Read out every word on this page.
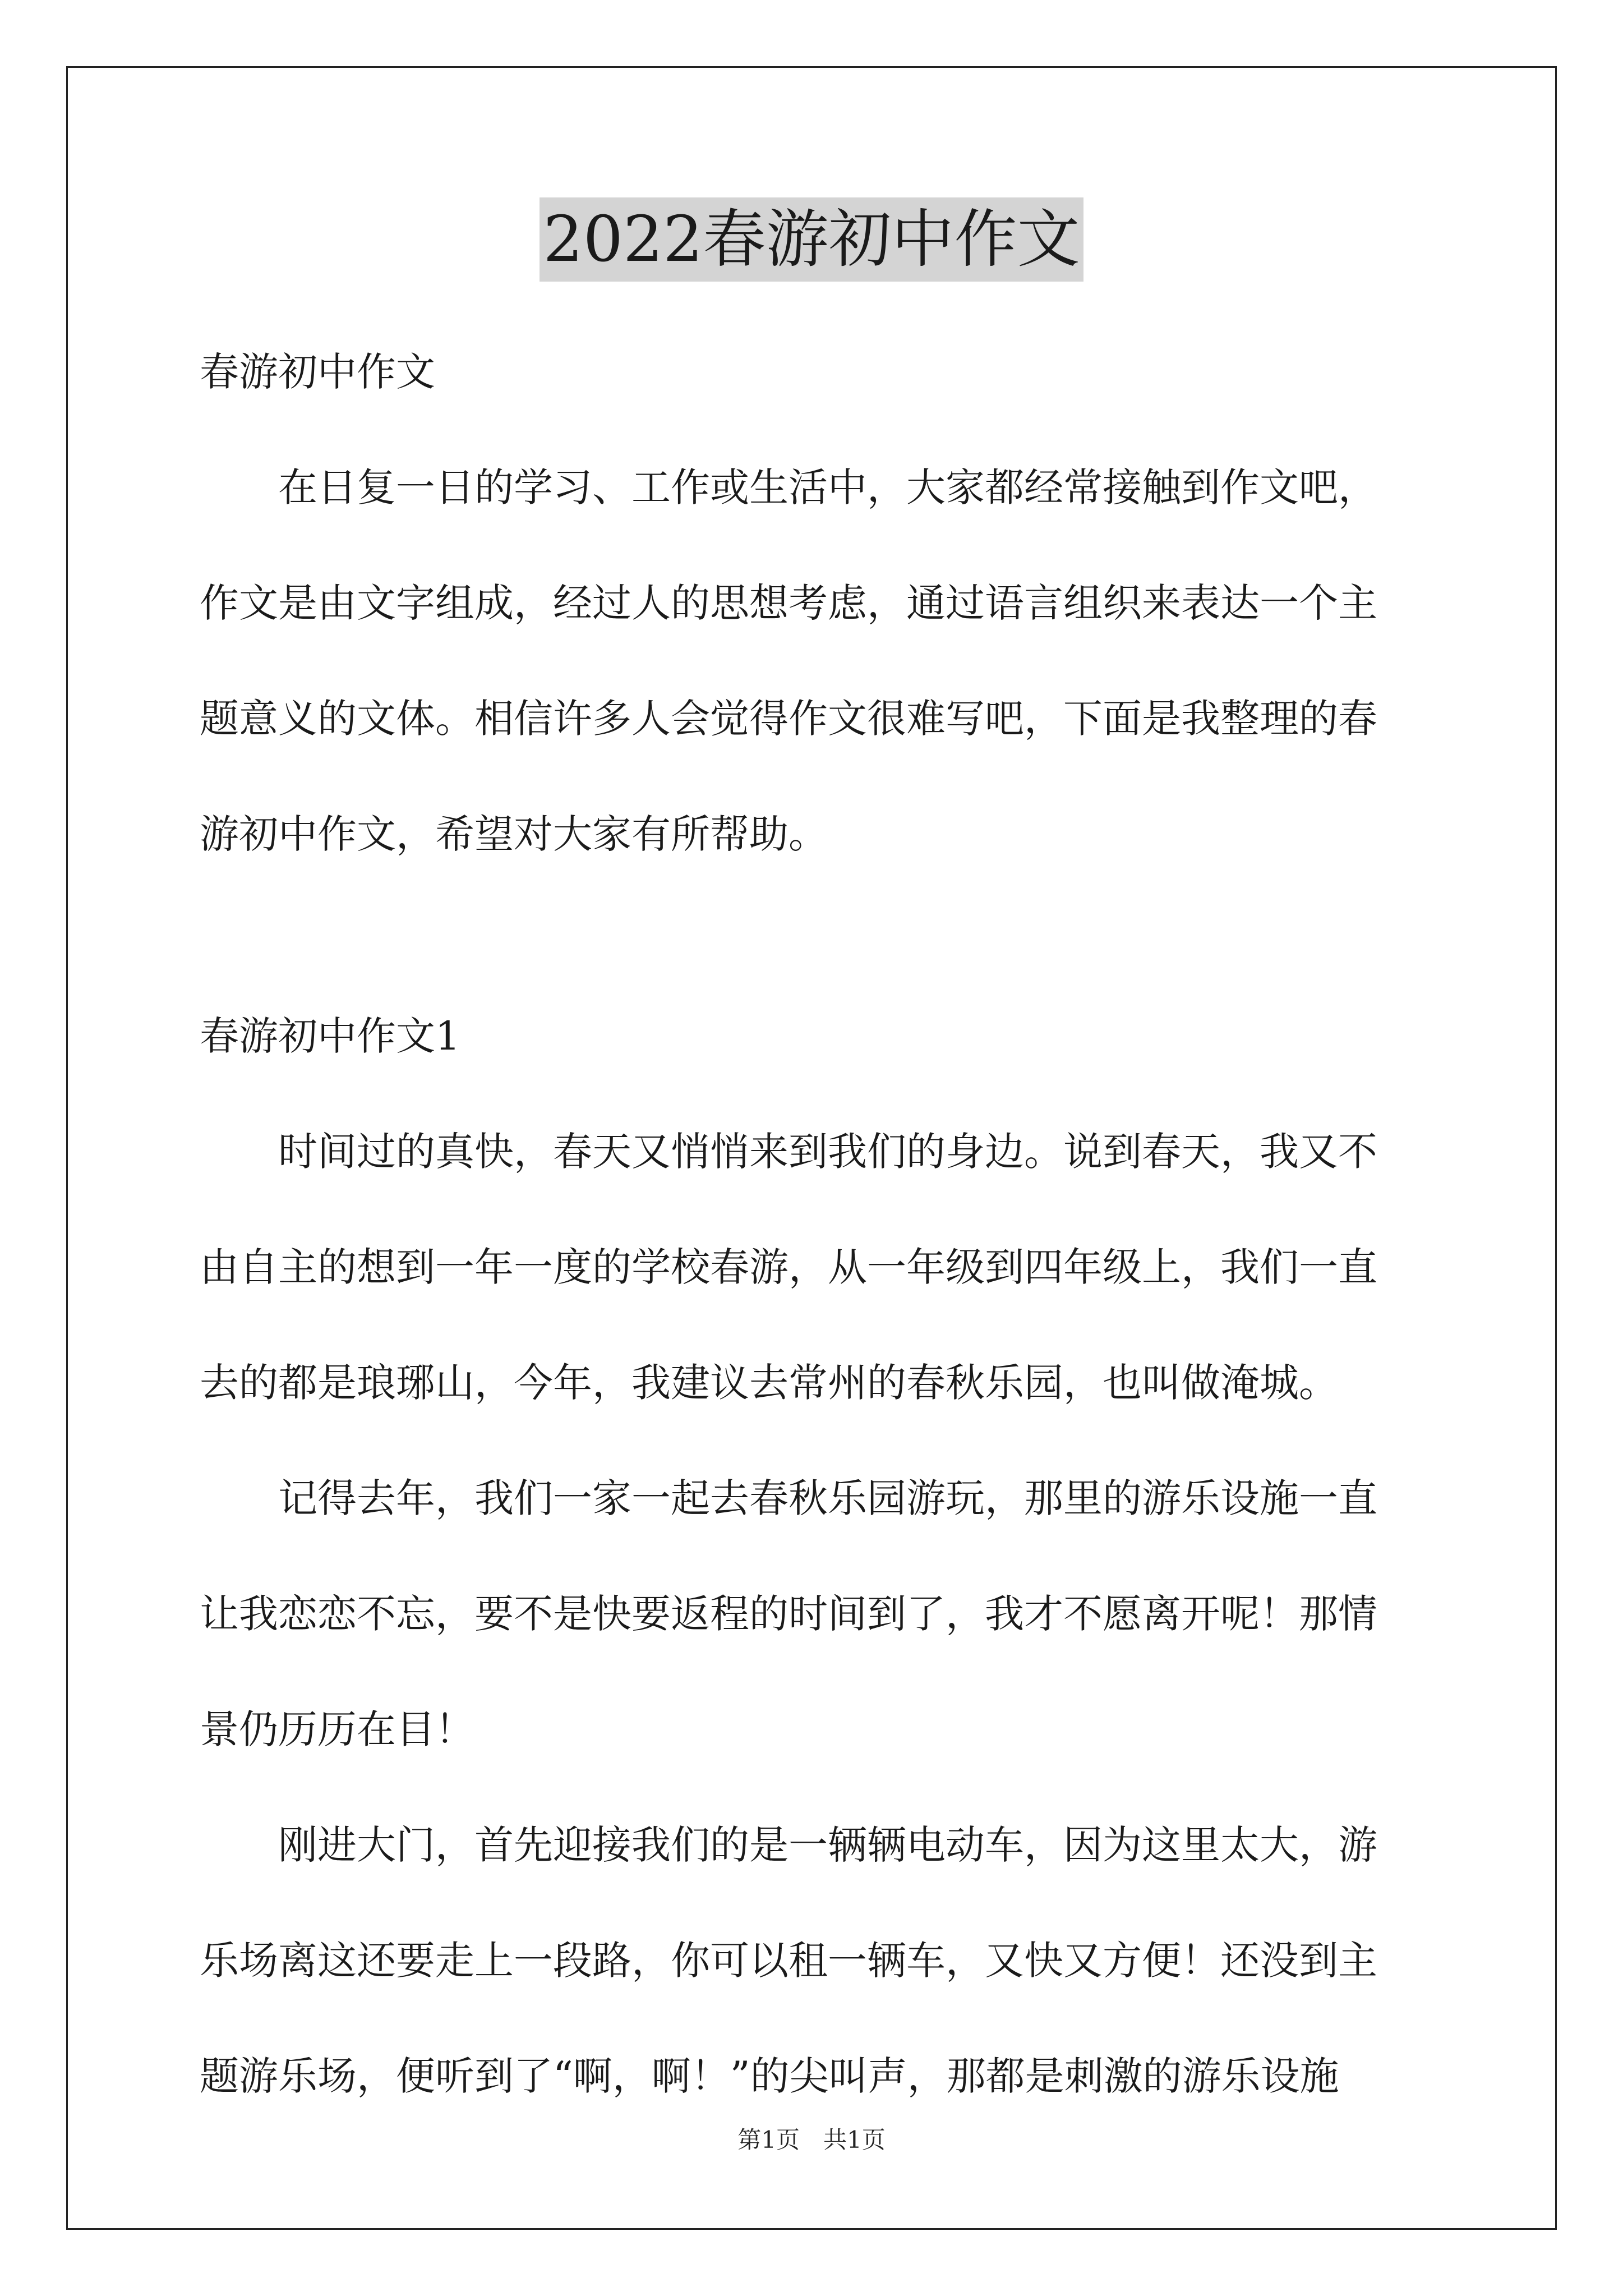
2022春游初中作文
春游初中作文
　　在日复一日的学习、工作或生活中，大家都经常接触到作文吧，
作文是由文字组成，经过人的思想考虑，通过语言组织来表达一个主
题意义的文体。相信许多人会觉得作文很难写吧，下面是我整理的春
游初中作文，希望对大家有所帮助。
春游初中作文1
　　时间过的真快，春天又悄悄来到我们的身边。说到春天，我又不
由自主的想到一年一度的学校春游，从一年级到四年级上，我们一直
去的都是琅琊山，今年，我建议去常州的春秋乐园，也叫做淹城。
　　记得去年，我们一家一起去春秋乐园游玩，那里的游乐设施一直
让我恋恋不忘，要不是快要返程的时间到了，我才不愿离开呢！那情
景仍历历在目！
　　刚进大门，首先迎接我们的是一辆辆电动车，因为这里太大，游
乐场离这还要走上一段路，你可以租一辆车，又快又方便！还没到主
题游乐场，便听到了“啊，啊！”的尖叫声，那都是刺激的游乐设施
第1页　共1页
